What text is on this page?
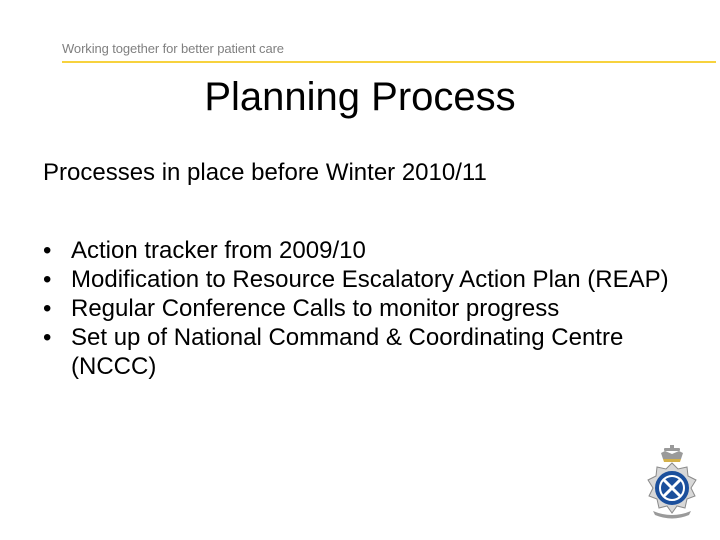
Working together for better patient care
Planning Process
Processes in place before Winter 2010/11
• Action tracker from 2009/10
• Modification to Resource Escalatory Action Plan (REAP)
• Regular Conference Calls to monitor progress
• Set up of National Command & Coordinating Centre (NCCC)
